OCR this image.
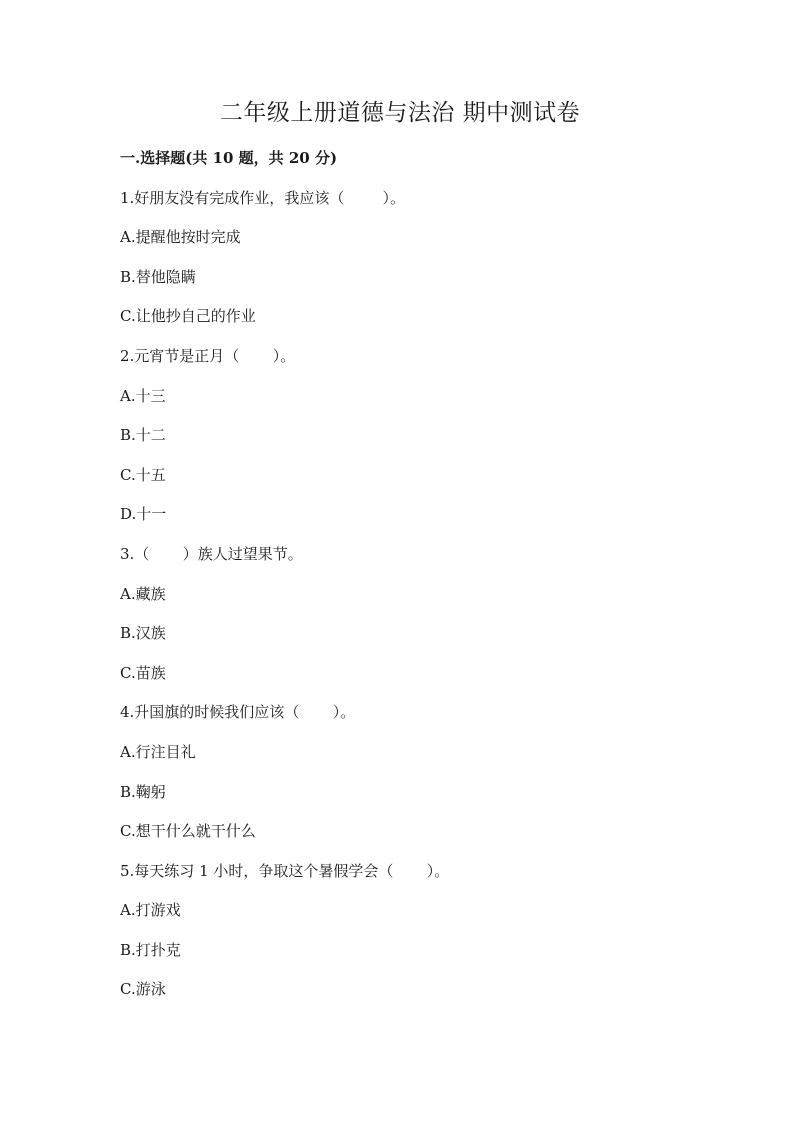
二年级上册道德与法治 期中测试卷
一.选择题(共 10 题，共 20 分)
1.好朋友没有完成作业，我应该（        ）。
A.提醒他按时完成
B.替他隐瞒
C.让他抄自己的作业
2.元宵节是正月（       ）。
A.十三
B.十二
C.十五
D.十一
3.（       ）族人过望果节。
A.藏族
B.汉族
C.苗族
4.升国旗的时候我们应该（       ）。
A.行注目礼
B.鞠躬
C.想干什么就干什么
5.每天练习 1 小时，争取这个暑假学会（       ）。
A.打游戏
B.打扑克
C.游泳
